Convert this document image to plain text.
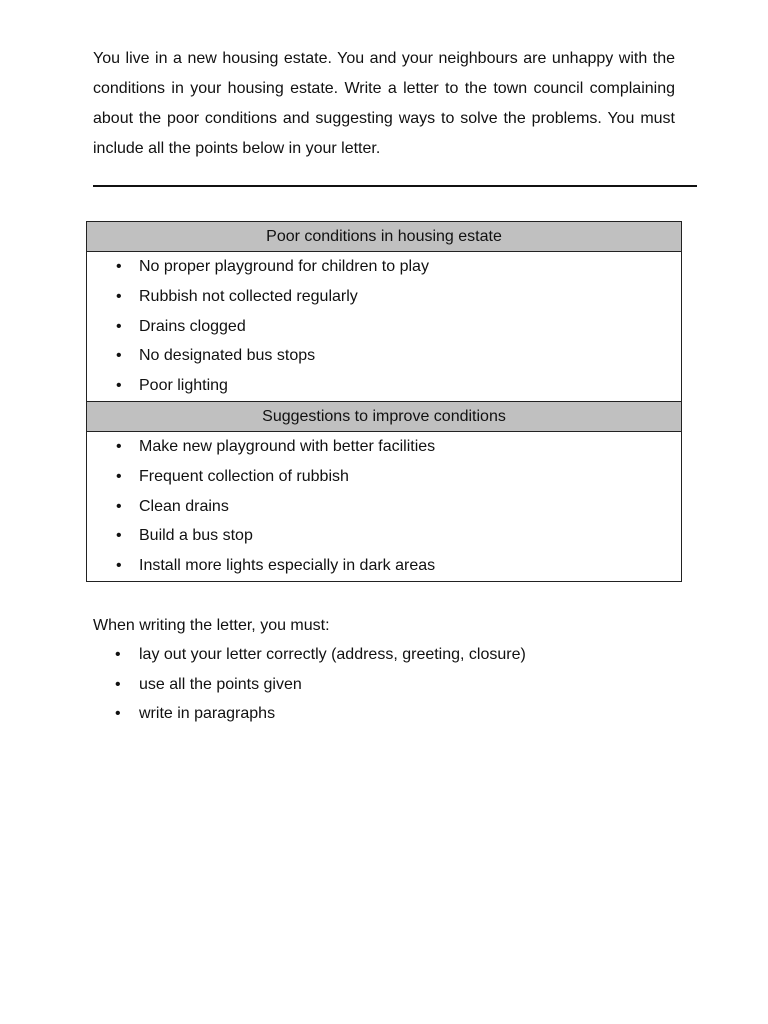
You live in a new housing estate. You and your neighbours are unhappy with the conditions in your housing estate. Write a letter to the town council complaining about the poor conditions and suggesting ways to solve the problems. You must include all the points below in your letter.

Poor conditions in housing estate
• No proper playground for children to play
• Rubbish not collected regularly
• Drains clogged
• No designated bus stops
• Poor lighting
Suggestions to improve conditions
• Make new playground with better facilities
• Frequent collection of rubbish
• Clean drains
• Build a bus stop
• Install more lights especially in dark areas

When writing the letter, you must:

• lay out your letter correctly (address, greeting, closure)
• use all the points given
• write in paragraphs
